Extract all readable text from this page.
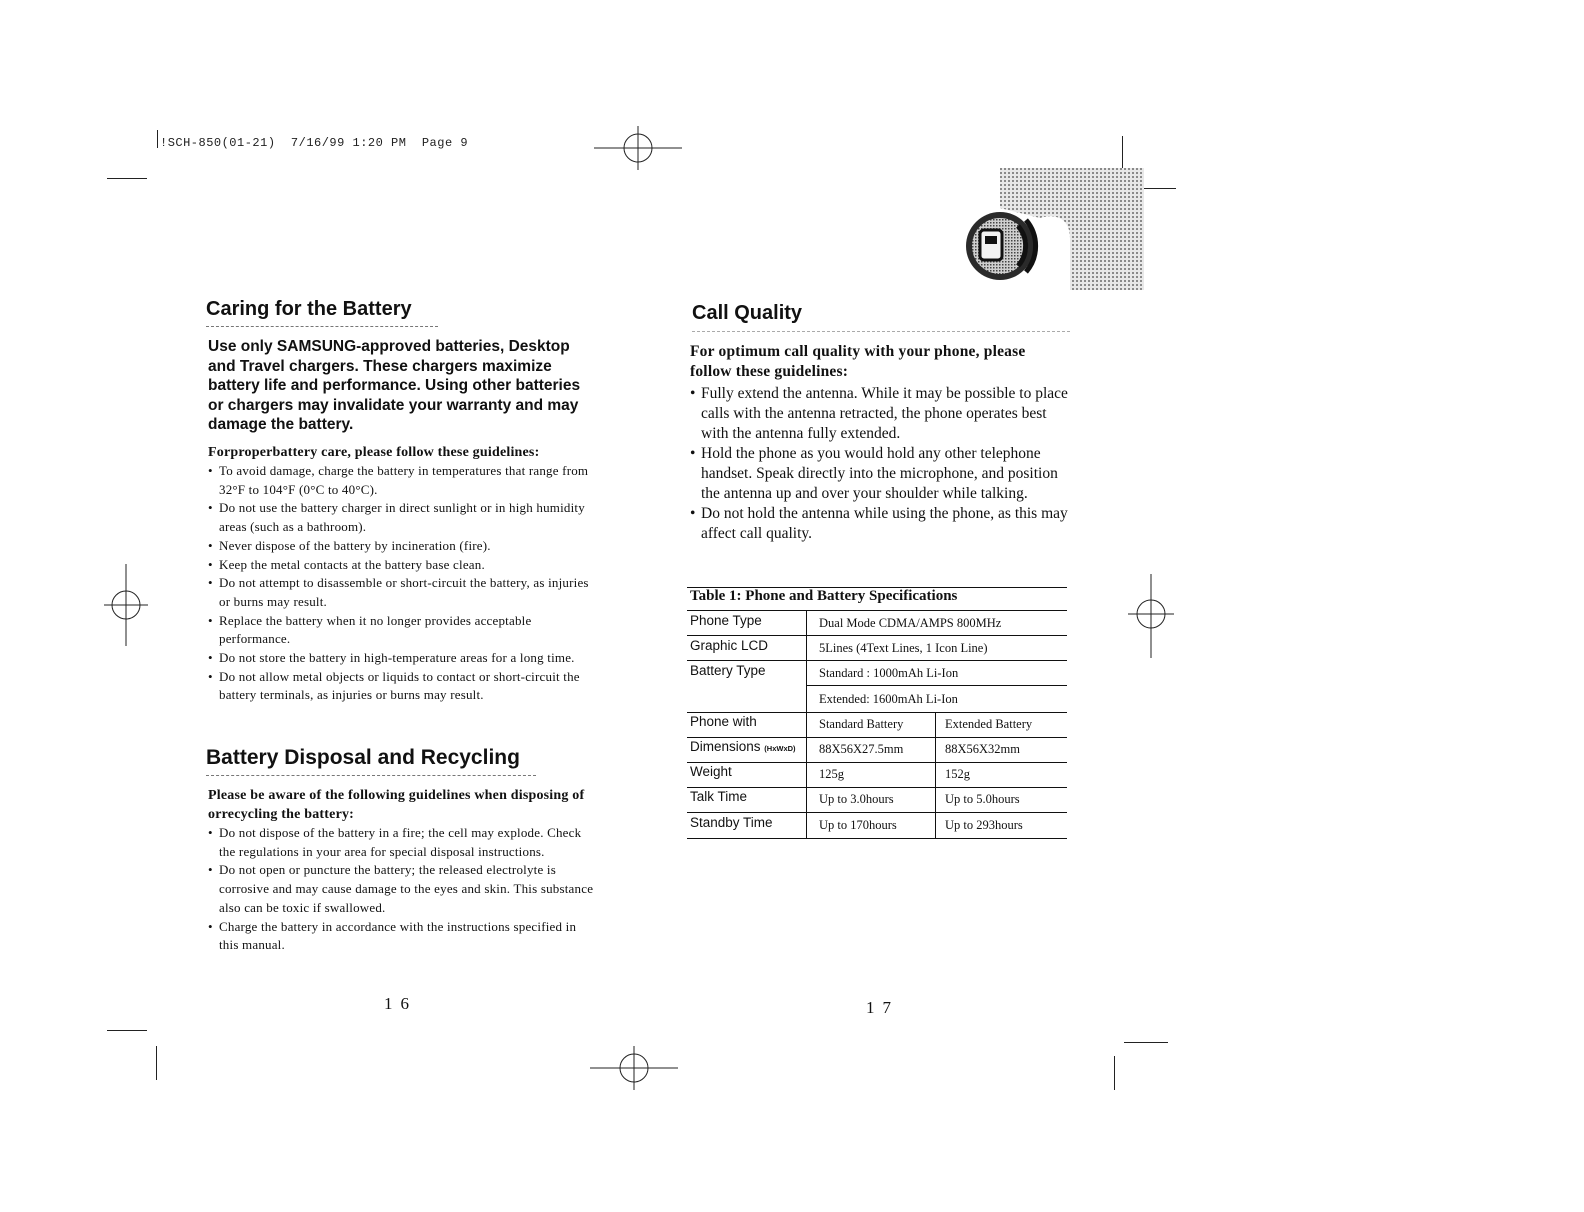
!SCH-850(01-21)  7/16/99 1:20 PM  Page 9
Caring for the Battery
Use only SAMSUNG-approved batteries, Desktop and Travel chargers. These chargers maximize battery life and performance. Using other batteries or chargers may invalidate your warranty and may damage the battery.
Forproperbattery care, please follow these guidelines:
• To avoid damage, charge the battery in temperatures that range from 32°F to 104°F (0°C to 40°C).
• Do not use the battery charger in direct sunlight or in high humidity areas (such as a bathroom).
• Never dispose of the battery by incineration (fire).
• Keep the metal contacts at the battery base clean.
• Do not attempt to disassemble or short-circuit the battery, as injuries or burns may result.
• Replace the battery when it no longer provides acceptable performance.
• Do not store the battery in high-temperature areas for a long time.
• Do not allow metal objects or liquids to contact or short-circuit the battery terminals, as injuries or burns may result.
Battery Disposal and Recycling
Please be aware of the following guidelines when disposing of orrecycling the battery:
• Do not dispose of the battery in a fire; the cell may explode. Check the regulations in your area for special disposal instructions.
• Do not open or puncture the battery; the released electrolyte is corrosive and may cause damage to the eyes and skin. This substance also can be toxic if swallowed.
• Charge the battery in accordance with the instructions specified in this manual.
16
Call Quality
For optimum call quality with your phone, please follow these guidelines:
• Fully extend the antenna. While it may be possible to place calls with the antenna retracted, the phone operates best with the antenna fully extended.
• Hold the phone as you would hold any other telephone handset. Speak directly into the microphone, and position the antenna up and over your shoulder while talking.
• Do not hold the antenna while using the phone, as this may affect call quality.
Table 1: Phone and Battery Specifications
Phone Type	Dual Mode CDMA/AMPS 800MHz
Graphic LCD	5Lines (4Text Lines, 1 Icon Line)
Battery Type	Standard : 1000mAh Li-Ion
Extended: 1600mAh Li-Ion
Phone with	Standard Battery	Extended Battery
Dimensions (HxWxD) 88X56X27.5mm	88X56X32mm
Weight	125g	152g
Talk Time	Up to 3.0hours	Up to 5.0hours
Standby Time	Up to 170hours	Up to 293hours
17
